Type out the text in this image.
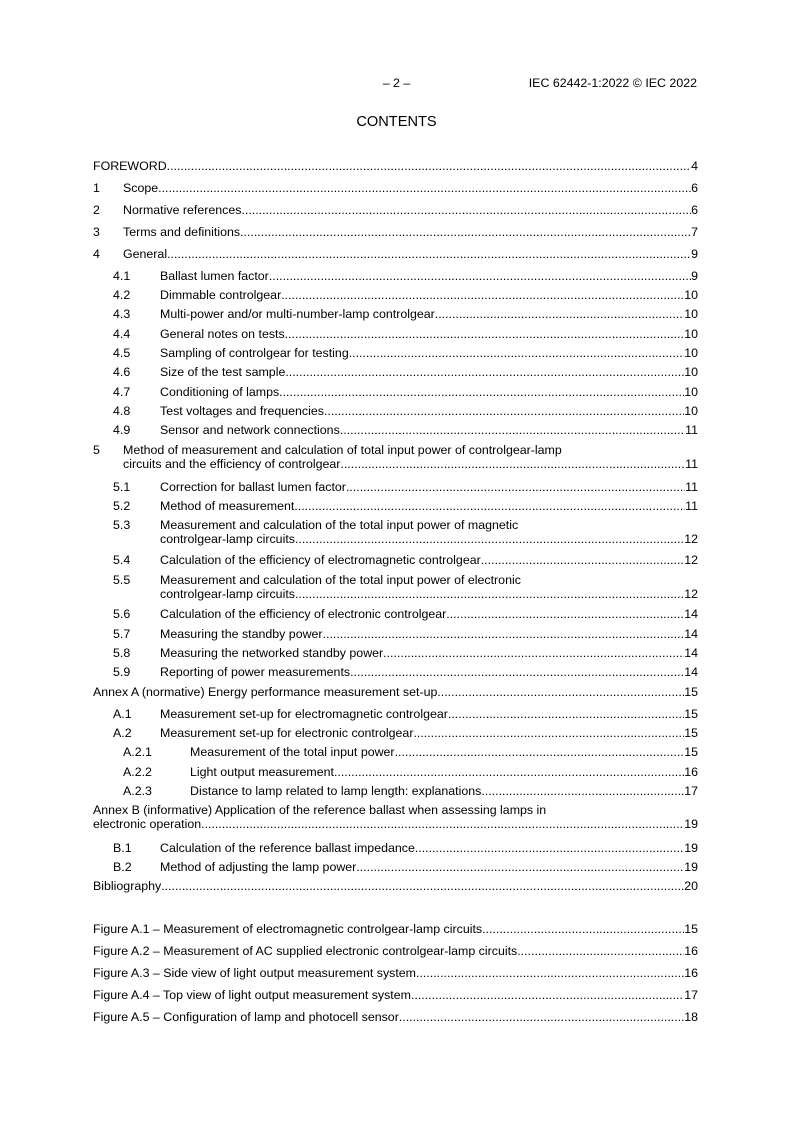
– 2 –	IEC 62442-1:2022 © IEC 2022
CONTENTS
FOREWORD .....	4
1 Scope .....	6
2 Normative references .....	6
3 Terms and definitions .....	7
4 General .....	9
4.1 Ballast lumen factor .....	9
4.2 Dimmable controlgear .....	10
4.3 Multi-power and/or multi-number-lamp controlgear .....	10
4.4 General notes on tests .....	10
4.5 Sampling of controlgear for testing .....	10
4.6 Size of the test sample .....	10
4.7 Conditioning of lamps .....	10
4.8 Test voltages and frequencies .....	10
4.9 Sensor and network connections .....	11
5 Method of measurement and calculation of total input power of controlgear-lamp
circuits and the efficiency of controlgear .....	11
5.1 Correction for ballast lumen factor .....	11
5.2 Method of measurement .....	11
5.3 Measurement and calculation of the total input power of magnetic
controlgear-lamp circuits .....	12
5.4 Calculation of the efficiency of electromagnetic controlgear .....	12
5.5 Measurement and calculation of the total input power of electronic
controlgear-lamp circuits .....	12
5.6 Calculation of the efficiency of electronic controlgear .....	14
5.7 Measuring the standby power .....	14
5.8 Measuring the networked standby power .....	14
5.9 Reporting of power measurements .....	14
Annex A (normative) Energy performance measurement set-up .....	15
A.1 Measurement set-up for electromagnetic controlgear .....	15
A.2 Measurement set-up for electronic controlgear .....	15
A.2.1	Measurement of the total input power .....	15
A.2.2	Light output measurement .....	16
A.2.3	Distance to lamp related to lamp length: explanations .....	17
Annex B (informative) Application of the reference ballast when assessing lamps in
electronic operation .....	19
B.1 Calculation of the reference ballast impedance .....	19
B.2 Method of adjusting the lamp power .....	19
Bibliography .....	20
Figure A.1 – Measurement of electromagnetic controlgear-lamp circuits .....	15
Figure A.2 – Measurement of AC supplied electronic controlgear-lamp circuits .....	16
Figure A.3 – Side view of light output measurement system .....	16
Figure A.4 – Top view of light output measurement system .....	17
Figure A.5 – Configuration of lamp and photocell sensor .....	18
